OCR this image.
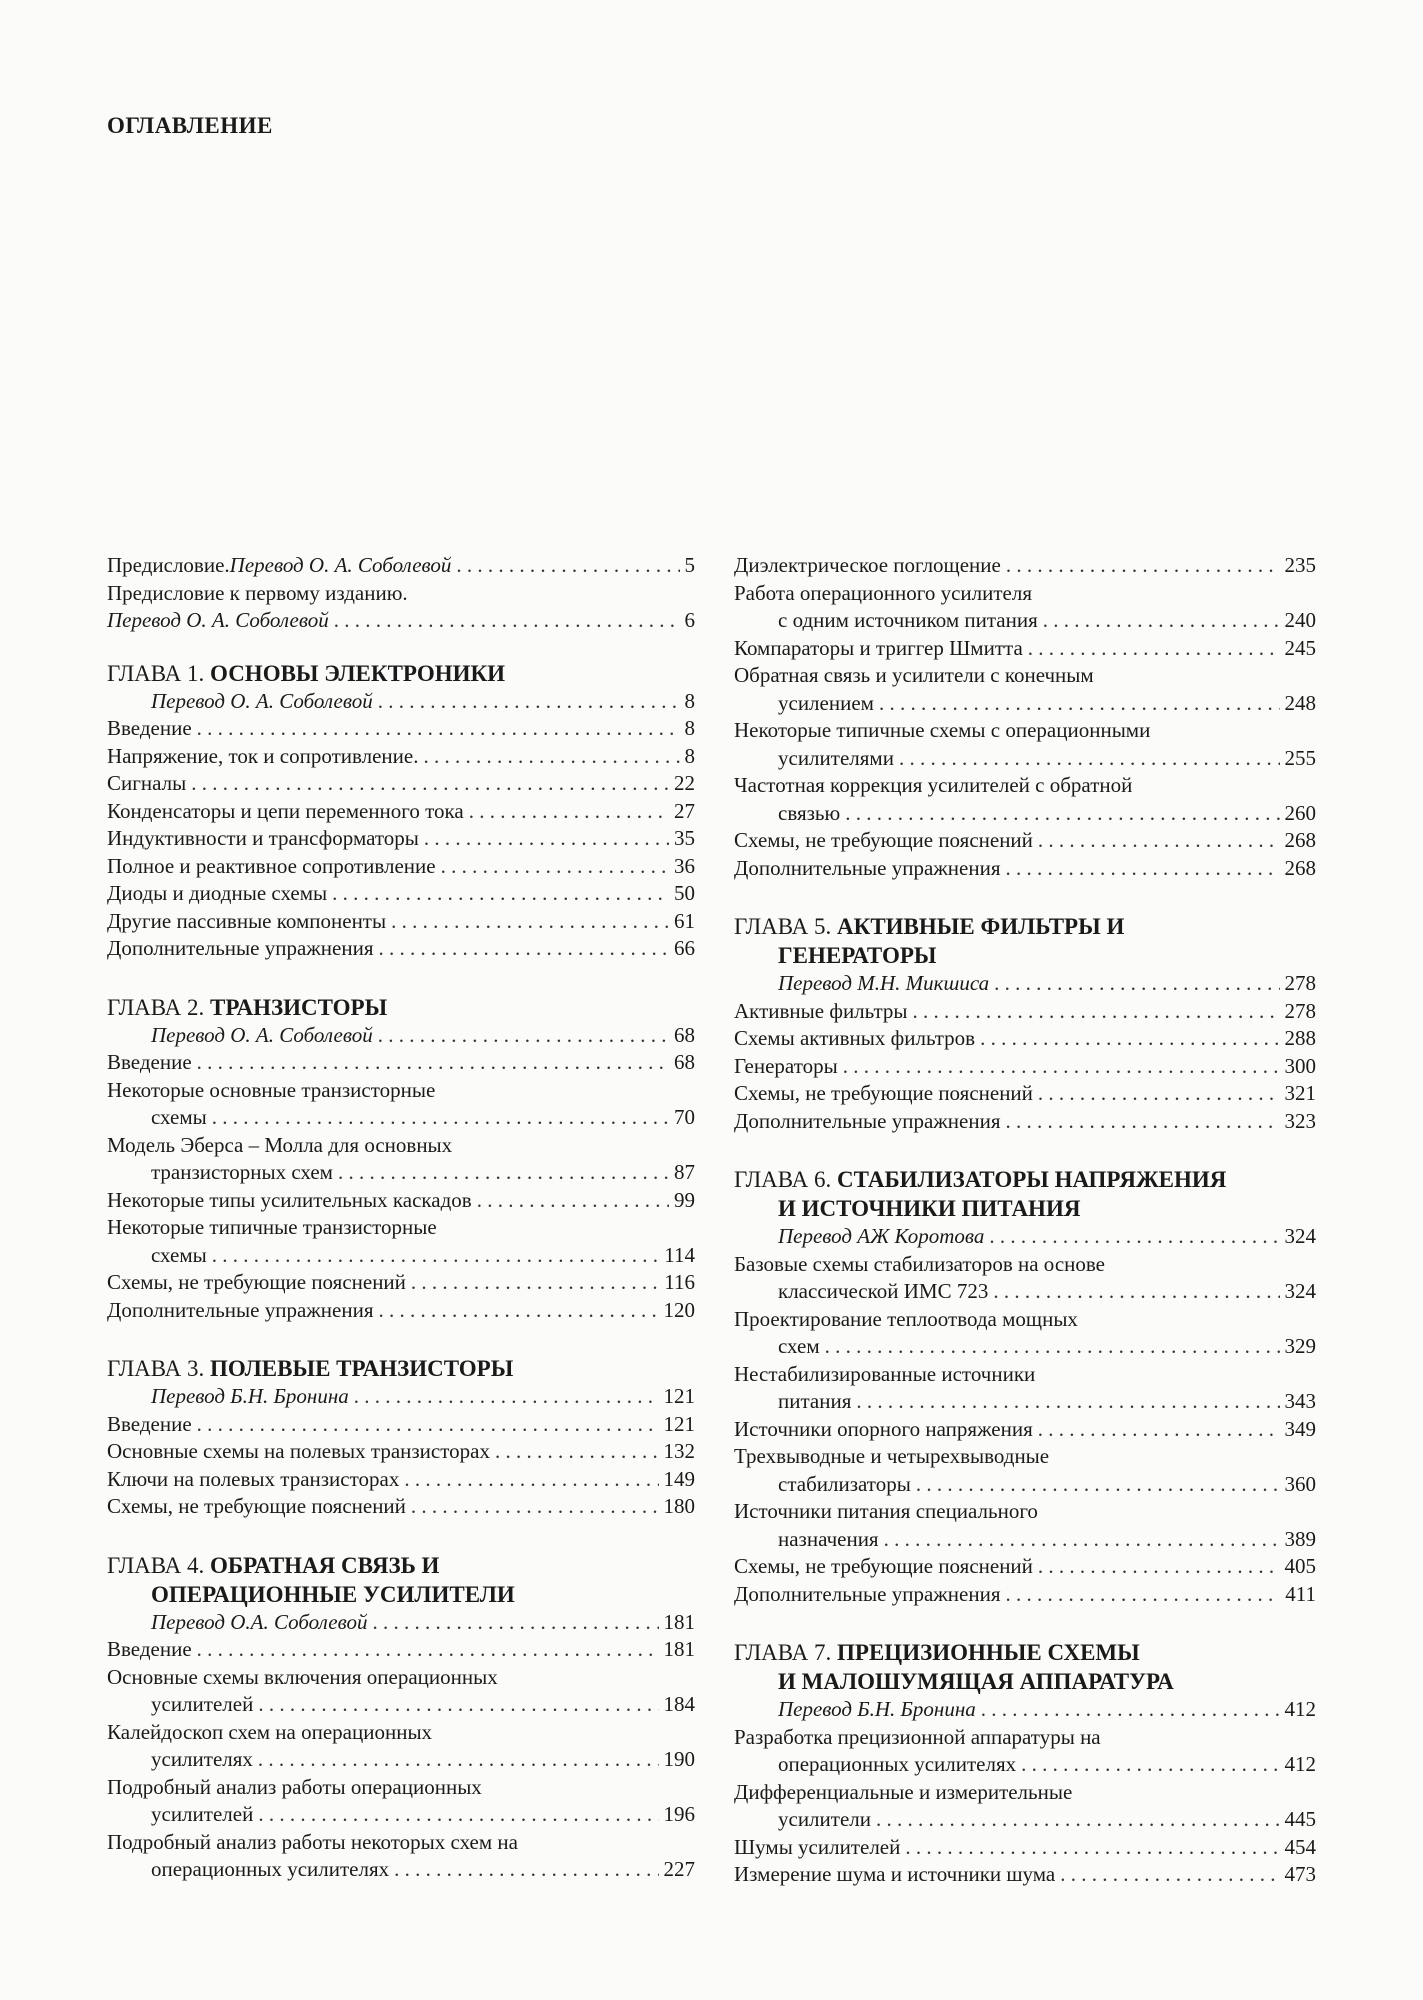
ОГЛАВЛЕНИЕ
Предисловие. Перевод О. А. Соболевой . . .	5
Предисловие к первому изданию.
Перевод О. А. Соболевой . . .	6
ГЛАВА 1. ОСНОВЫ ЭЛЕКТРОНИКИ
Перевод О. А. Соболевой . . .	8
Введение . . .	8
Напряжение, ток и сопротивление. . . .	8
Сигналы . . .	22
Конденсаторы и цепи переменного тока . . .	27
Индуктивности и трансформаторы . . .	35
Полное и реактивное сопротивление . . .	36
Диоды и диодные схемы . . .	50
Другие пассивные компоненты . . .	61
Дополнительные упражнения . . .	66
ГЛАВА 2. ТРАНЗИСТОРЫ
Перевод О. А. Соболевой . . .	68
Введение . . .	68
Некоторые основные транзисторные
схемы . . .	70
Модель Эберса – Молла для основных
транзисторных схем . . .	87
Некоторые типы усилительных каскадов . . .	99
Некоторые типичные транзисторные
схемы . . .	114
Схемы, не требующие пояснений . . .	116
Дополнительные упражнения . . .	120
ГЛАВА 3. ПОЛЕВЫЕ ТРАНЗИСТОРЫ
Перевод Б.Н. Бронина . . .	121
Введение . . .	121
Основные схемы на полевых транзисторах . . .	132
Ключи на полевых транзисторах . . .	149
Схемы, не требующие пояснений . . .	180
ГЛАВА 4. ОБРАТНАЯ СВЯЗЬ И
ОПЕРАЦИОННЫЕ УСИЛИТЕЛИ
Перевод О.А. Соболевой . . .	181
Введение . . .	181
Основные схемы включения операционных
усилителей . . .	184
Калейдоскоп схем на операционных
усилителях . . .	190
Подробный анализ работы операционных
усилителей . . .	196
Подробный анализ работы некоторых схем на
операционных усилителях . . .	227
Диэлектрическое поглощение . . .	235
Работа операционного усилителя
с одним источником питания . . .	240
Компараторы и триггер Шмитта . . .	245
Обратная связь и усилители с конечным
усилением . . .	248
Некоторые типичные схемы с операционными
усилителями . . .	255
Частотная коррекция усилителей с обратной
связью . . .	260
Схемы, не требующие пояснений . . .	268
Дополнительные упражнения . . .	268
ГЛАВА 5. АКТИВНЫЕ ФИЛЬТРЫ И
ГЕНЕРАТОРЫ
Перевод М.Н. Микшиса . . .	278
Активные фильтры . . .	278
Схемы активных фильтров . . .	288
Генераторы . . .	300
Схемы, не требующие пояснений . . .	321
Дополнительные упражнения . . .	323
ГЛАВА 6. СТАБИЛИЗАТОРЫ НАПРЯЖЕНИЯ
И ИСТОЧНИКИ ПИТАНИЯ
Перевод АЖ Коротова . . .	324
Базовые схемы стабилизаторов на основе
классической ИМС 723 . . .	324
Проектирование теплоотвода мощных
схем . . .	329
Нестабилизированные источники
питания . . .	343
Источники опорного напряжения . . .	349
Трехвыводные и четырехвыводные
стабилизаторы . . .	360
Источники питания специального
назначения . . .	389
Схемы, не требующие пояснений . . .	405
Дополнительные упражнения . . .	411
ГЛАВА 7. ПРЕЦИЗИОННЫЕ СХЕМЫ
И МАЛОШУМЯЩАЯ АППАРАТУРА
Перевод Б.Н. Бронина . . .	412
Разработка прецизионной аппаратуры на
операционных усилителях . . .	412
Дифференциальные и измерительные
усилители . . .	445
Шумы усилителей . . .	454
Измерение шума и источники шума . . .	473
